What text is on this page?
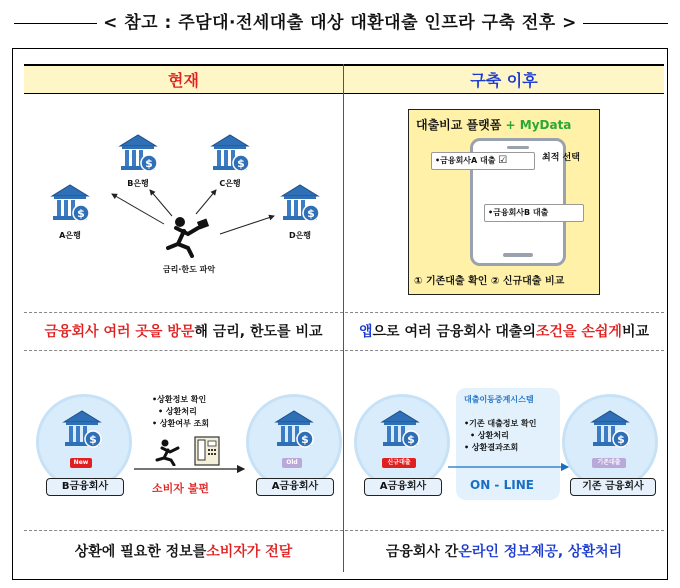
< 참고 : 주담대·전세대출 대상 대환대출 인프라 구축 전후 >
현재	구축 이후
B은행	C은행
A은행	D은행
금리·한도 파악
대출비교 플랫폼 + MyData
•금융회사A 대출 ☑	최적 선택
•금융회사B 대출
① 기존대출 확인 ② 신규대출 비교
금융회사 여러 곳을 방문 해 금리, 한도를 비교	앱 으로 여러 금융회사 대출의 조건을 손쉽게 비교
New
B금융회사
Old
A금융회사
•상환정보 확인
• 상환처리
• 상환여부 조회
소비자 불편
신규대출
A금융회사
대출이동중계시스템
•기존 대출정보 확인
• 상환처리
• 상환결과조회
ON - LINE
기존대출
기존 금융회사
상환에 필요한 정보를 소비자가 전달	금융회사 간 온라인 정보제공, 상환처리
